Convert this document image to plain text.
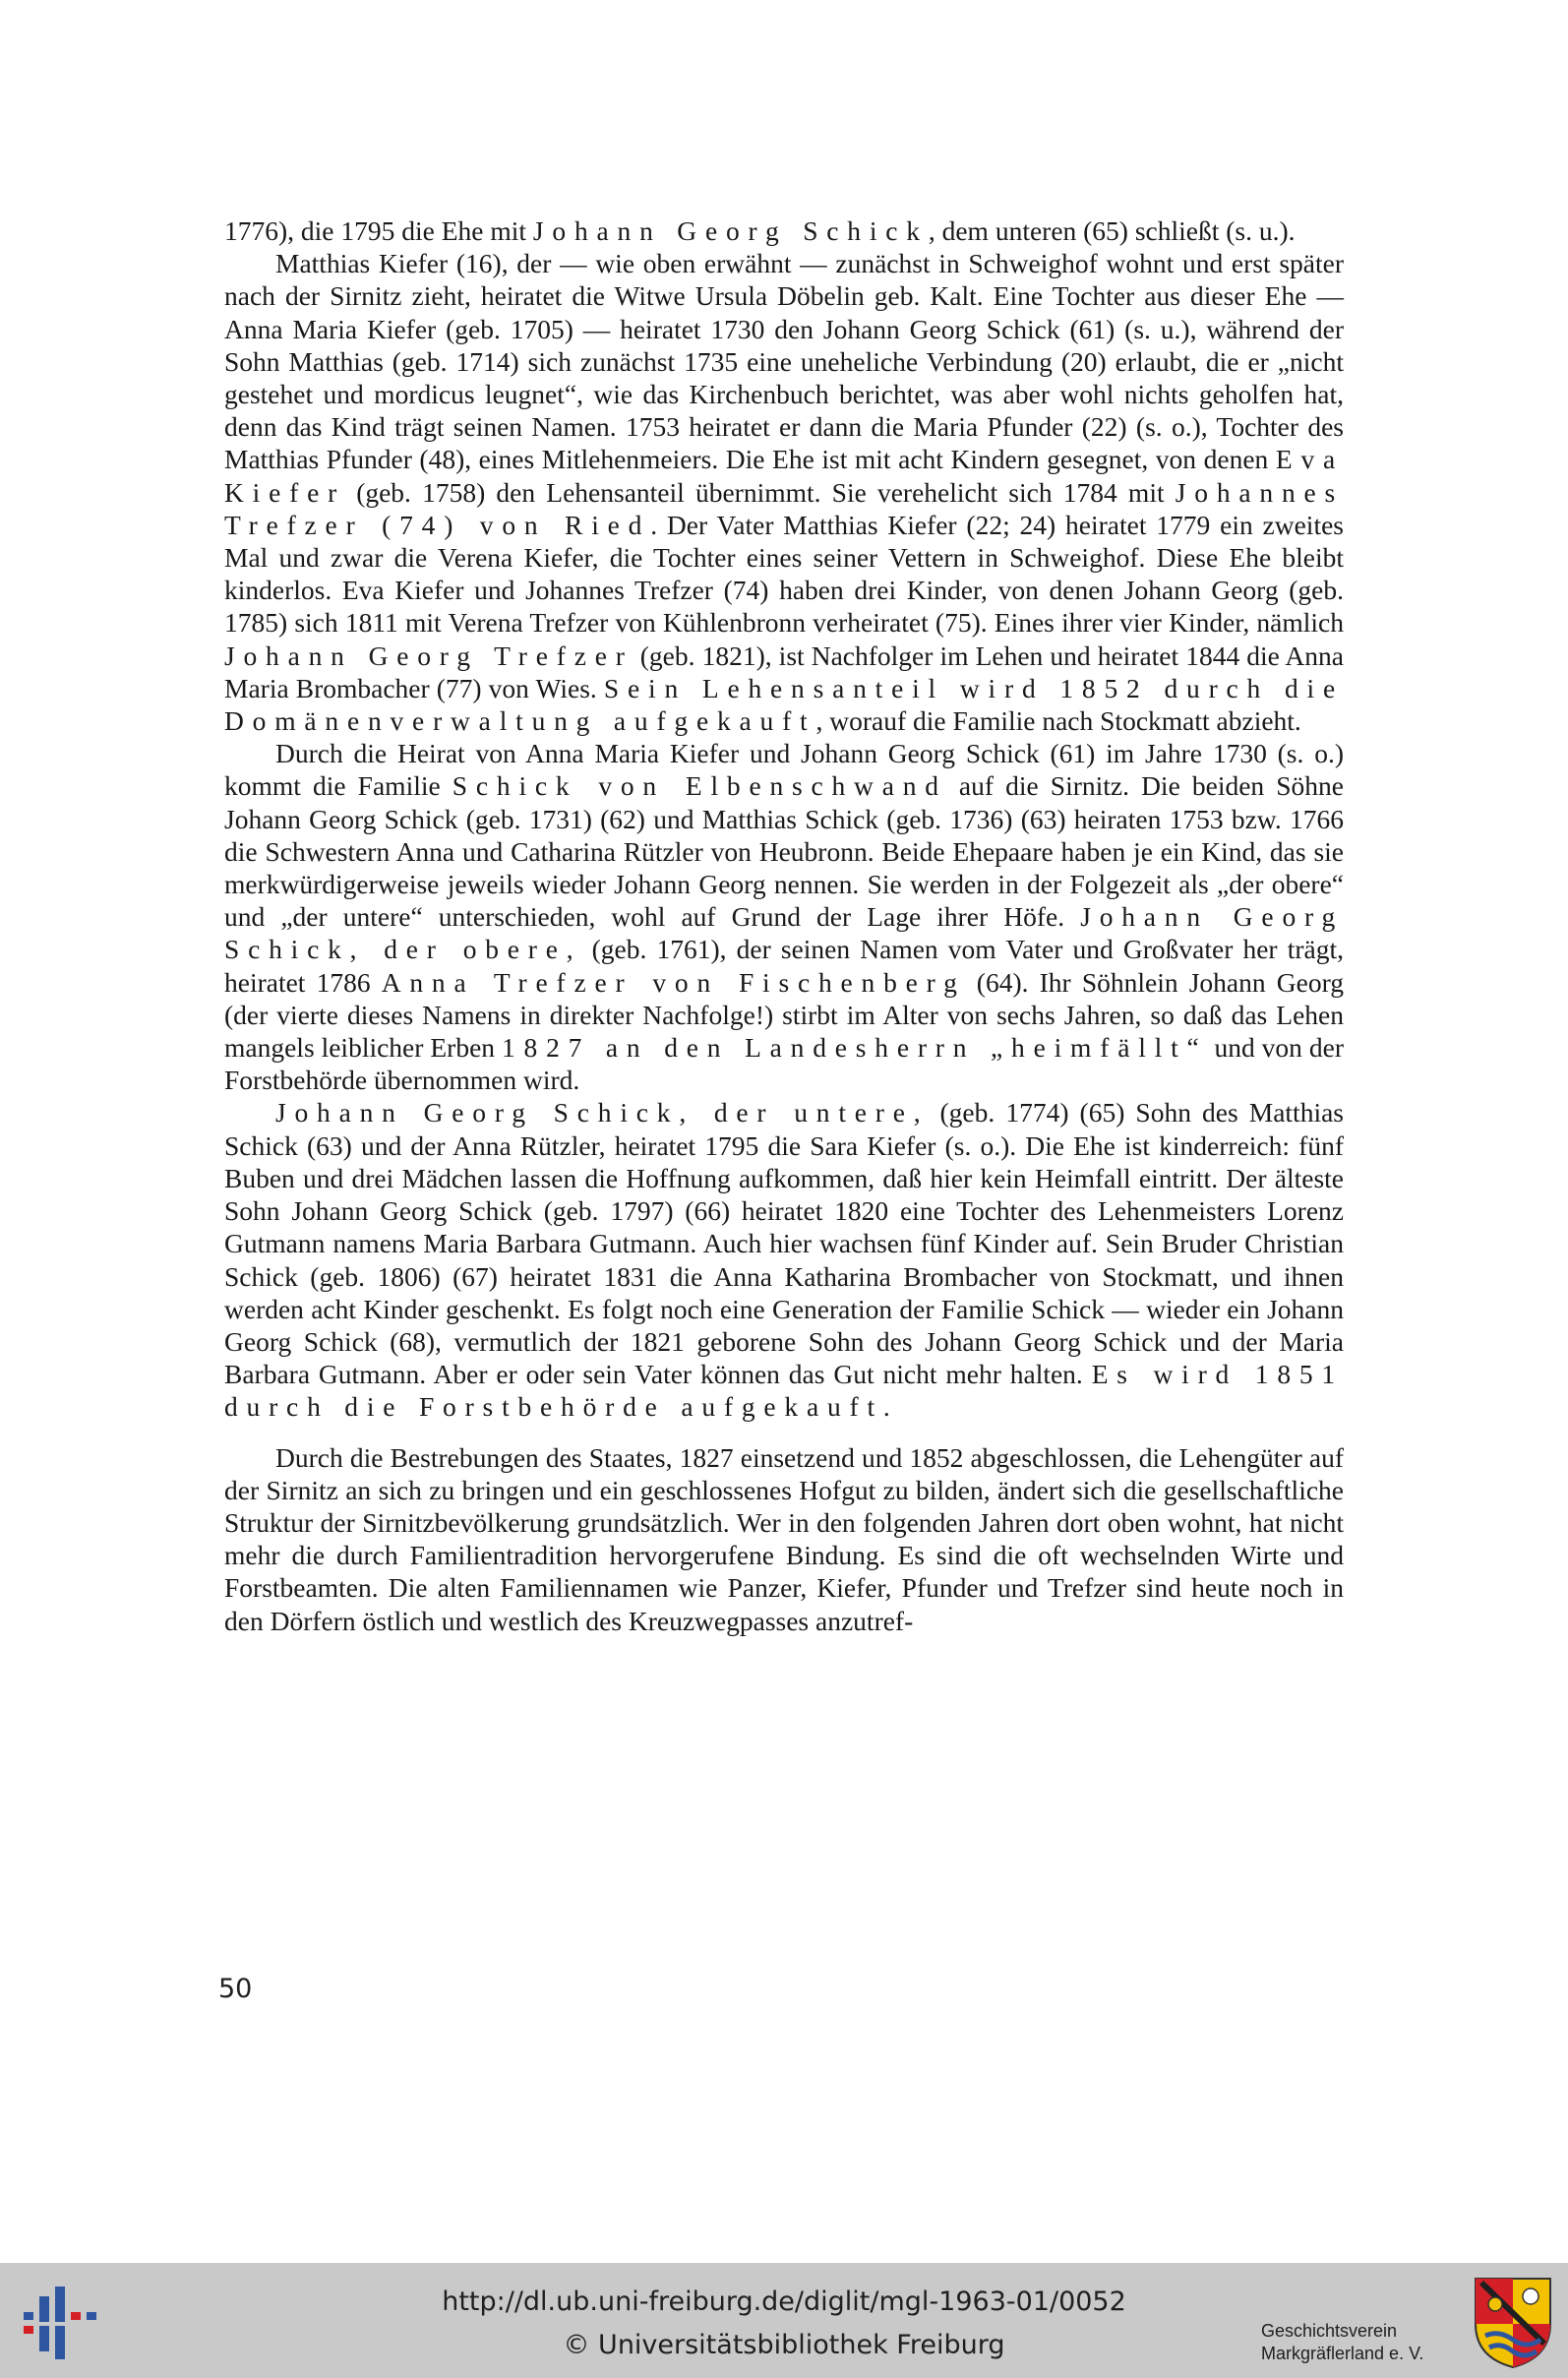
1776), die 1795 die Ehe mit Johann Georg Schick, dem unteren (65) schließt (s. u.).

Matthias Kiefer (16), der — wie oben erwähnt — zunächst in Schweighof wohnt und erst später nach der Sirnitz zieht, heiratet die Witwe Ursula Döbelin geb. Kalt. Eine Tochter aus dieser Ehe — Anna Maria Kiefer (geb. 1705) — heiratet 1730 den Johann Georg Schick (61) (s. u.), während der Sohn Matthias (geb. 1714) sich zunächst 1735 eine uneheliche Verbindung (20) erlaubt, die er „nicht gestehet und mordicus leugnet“, wie das Kirchenbuch berichtet, was aber wohl nichts geholfen hat, denn das Kind trägt seinen Namen. 1753 heiratet er dann die Maria Pfunder (22) (s. o.), Tochter des Matthias Pfunder (48), eines Mitlehenmeiers. Die Ehe ist mit acht Kindern gesegnet, von denen Eva Kiefer (geb. 1758) den Lehensanteil übernimmt. Sie verehelicht sich 1784 mit Johannes Trefzer (74) von Ried. Der Vater Matthias Kiefer (22; 24) heiratet 1779 ein zweites Mal und zwar die Verena Kiefer, die Tochter eines seiner Vettern in Schweighof. Diese Ehe bleibt kinderlos. Eva Kiefer und Johannes Trefzer (74) haben drei Kinder, von denen Johann Georg (geb. 1785) sich 1811 mit Verena Trefzer von Kühlenbronn verheiratet (75). Eines ihrer vier Kinder, nämlich Johann Georg Trefzer (geb. 1821), ist Nachfolger im Lehen und heiratet 1844 die Anna Maria Brombacher (77) von Wies. Sein Lehensanteil wird 1852 durch die Domänenverwaltung aufgekauft, worauf die Familie nach Stockmatt abzieht.

Durch die Heirat von Anna Maria Kiefer und Johann Georg Schick (61) im Jahre 1730 (s. o.) kommt die Familie Schick von Elbenschwand auf die Sirnitz. Die beiden Söhne Johann Georg Schick (geb. 1731) (62) und Matthias Schick (geb. 1736) (63) heiraten 1753 bzw. 1766 die Schwestern Anna und Catharina Rützler von Heubronn. Beide Ehepaare haben je ein Kind, das sie merkwürdigerweise jeweils wieder Johann Georg nennen. Sie werden in der Folgezeit als „der obere“ und „der untere“ unterschieden, wohl auf Grund der Lage ihrer Höfe. Johann Georg Schick, der obere, (geb. 1761), der seinen Namen vom Vater und Großvater her trägt, heiratet 1786 Anna Trefzer von Fischenberg (64). Ihr Söhnlein Johann Georg (der vierte dieses Namens in direkter Nachfolge!) stirbt im Alter von sechs Jahren, so daß das Lehen mangels leiblicher Erben 1827 an den Landesherrn „heimfällt“ und von der Forstbehörde übernommen wird.

Johann Georg Schick, der untere, (geb. 1774) (65) Sohn des Matthias Schick (63) und der Anna Rützler, heiratet 1795 die Sara Kiefer (s. o.). Die Ehe ist kinderreich: fünf Buben und drei Mädchen lassen die Hoffnung aufkommen, daß hier kein Heimfall eintritt. Der älteste Sohn Johann Georg Schick (geb. 1797) (66) heiratet 1820 eine Tochter des Lehenmeisters Lorenz Gutmann namens Maria Barbara Gutmann. Auch hier wachsen fünf Kinder auf. Sein Bruder Christian Schick (geb. 1806) (67) heiratet 1831 die Anna Katharina Brombacher von Stockmatt, und ihnen werden acht Kinder geschenkt. Es folgt noch eine Generation der Familie Schick — wieder ein Johann Georg Schick (68), vermutlich der 1821 geborene Sohn des Johann Georg Schick und der Maria Barbara Gutmann. Aber er oder sein Vater können das Gut nicht mehr halten. Es wird 1851 durch die Forstbehörde aufgekauft.

Durch die Bestrebungen des Staates, 1827 einsetzend und 1852 abgeschlossen, die Lehengüter auf der Sirnitz an sich zu bringen und ein geschlossenes Hofgut zu bilden, ändert sich die gesellschaftliche Struktur der Sirnitzbevölkerung grundsätzlich. Wer in den folgenden Jahren dort oben wohnt, hat nicht mehr die durch Familientradition hervorgerufene Bindung. Es sind die oft wechselnden Wirte und Forstbeamten. Die alten Familiennamen wie Panzer, Kiefer, Pfunder und Trefzer sind heute noch in den Dörfern östlich und westlich des Kreuzwegpasses anzutref-

50
http://dl.ub.uni-freiburg.de/diglit/mgl-1963-01/0052
© Universitätsbibliothek Freiburg	Geschichtsverein
Markgräflerland e. V.
